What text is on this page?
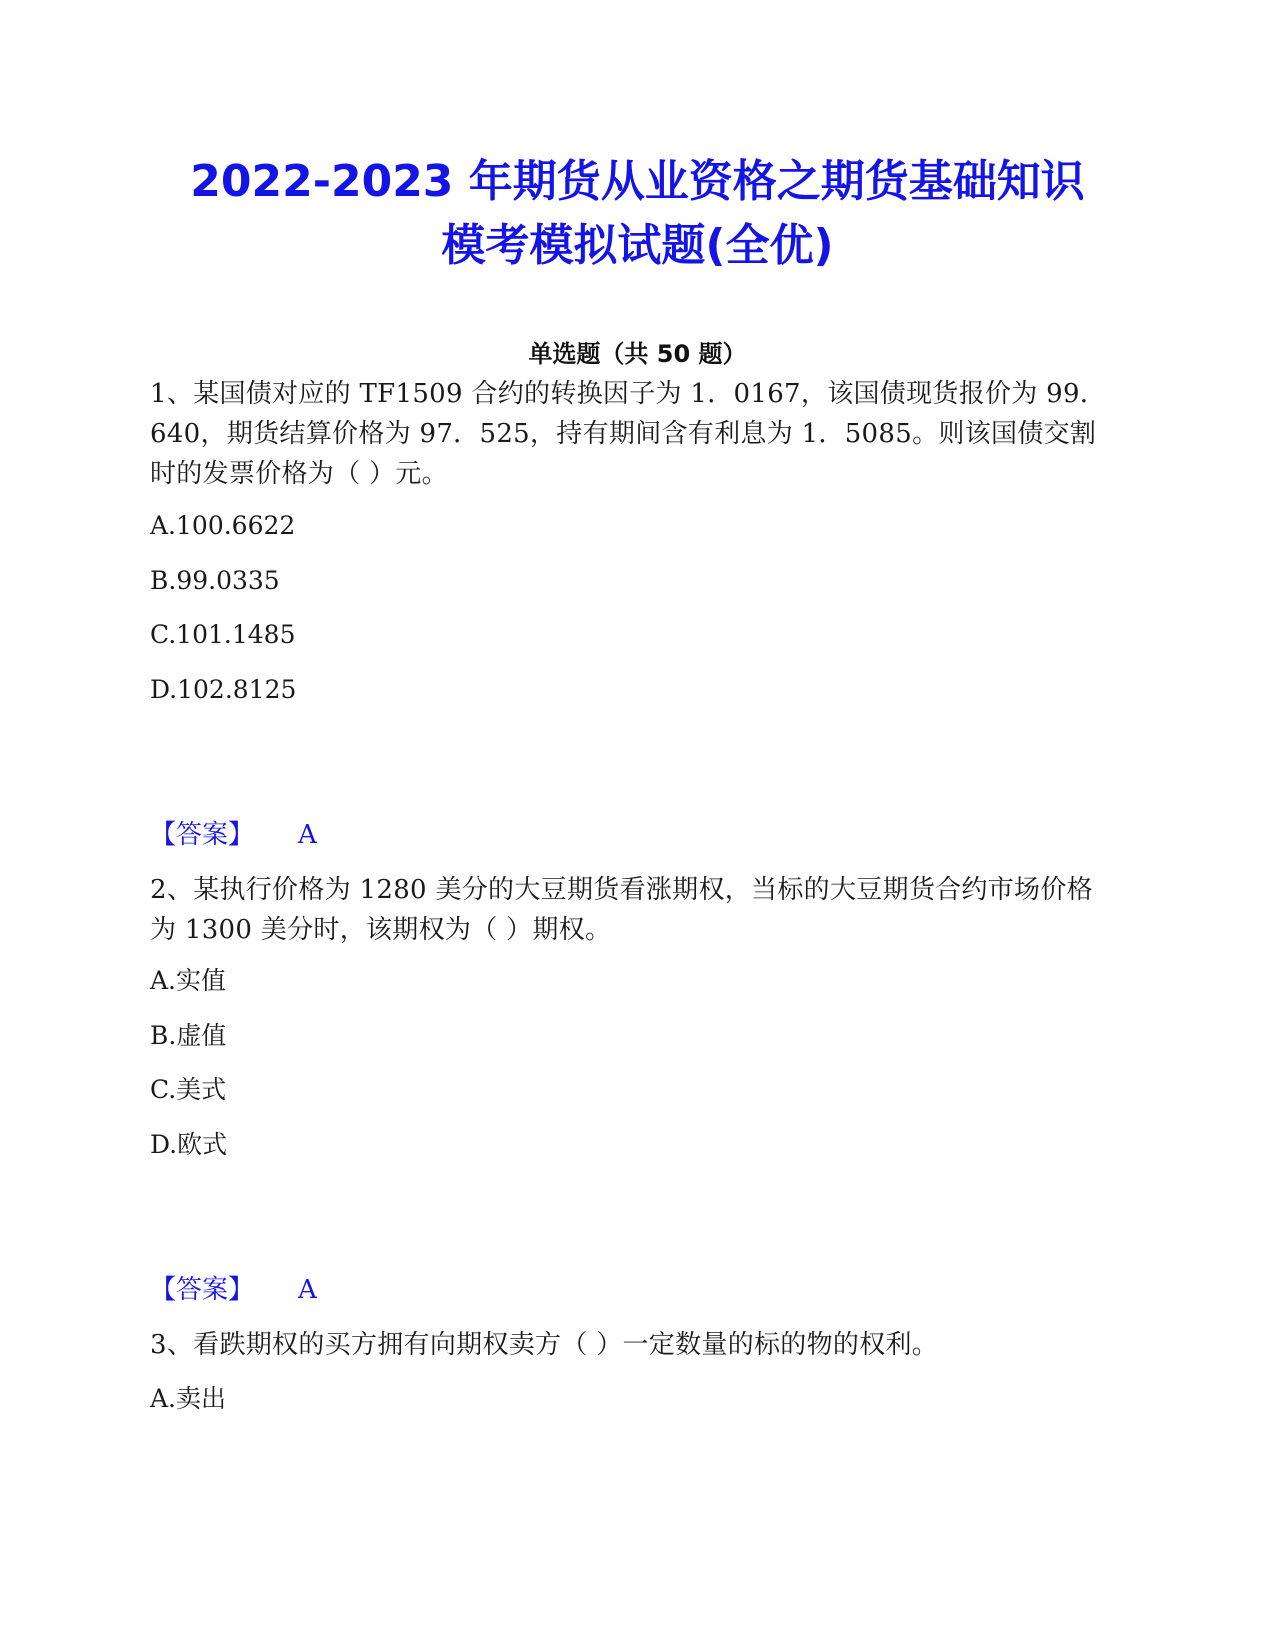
2022-2023 年期货从业资格之期货基础知识
模考模拟试题(全优)
单选题（共 50 题）

1、某国债对应的 TF1509 合约的转换因子为 1．0167，该国债现货报价为 99．640，期货结算价格为 97．525，持有期间含有利息为 1．5085。则该国债交割时的发票价格为（ ）元。

A.100.6622
B.99.0335
C.101.1485
D.102.8125
【答案】 A

2、某执行价格为 1280 美分的大豆期货看涨期权，当标的大豆期货合约市场价格为 1300 美分时，该期权为（ ）期权。

A.实值
B.虚值
C.美式
D.欧式
【答案】 A

3、看跌期权的买方拥有向期权卖方（ ）一定数量的标的物的权利。

A.卖出
